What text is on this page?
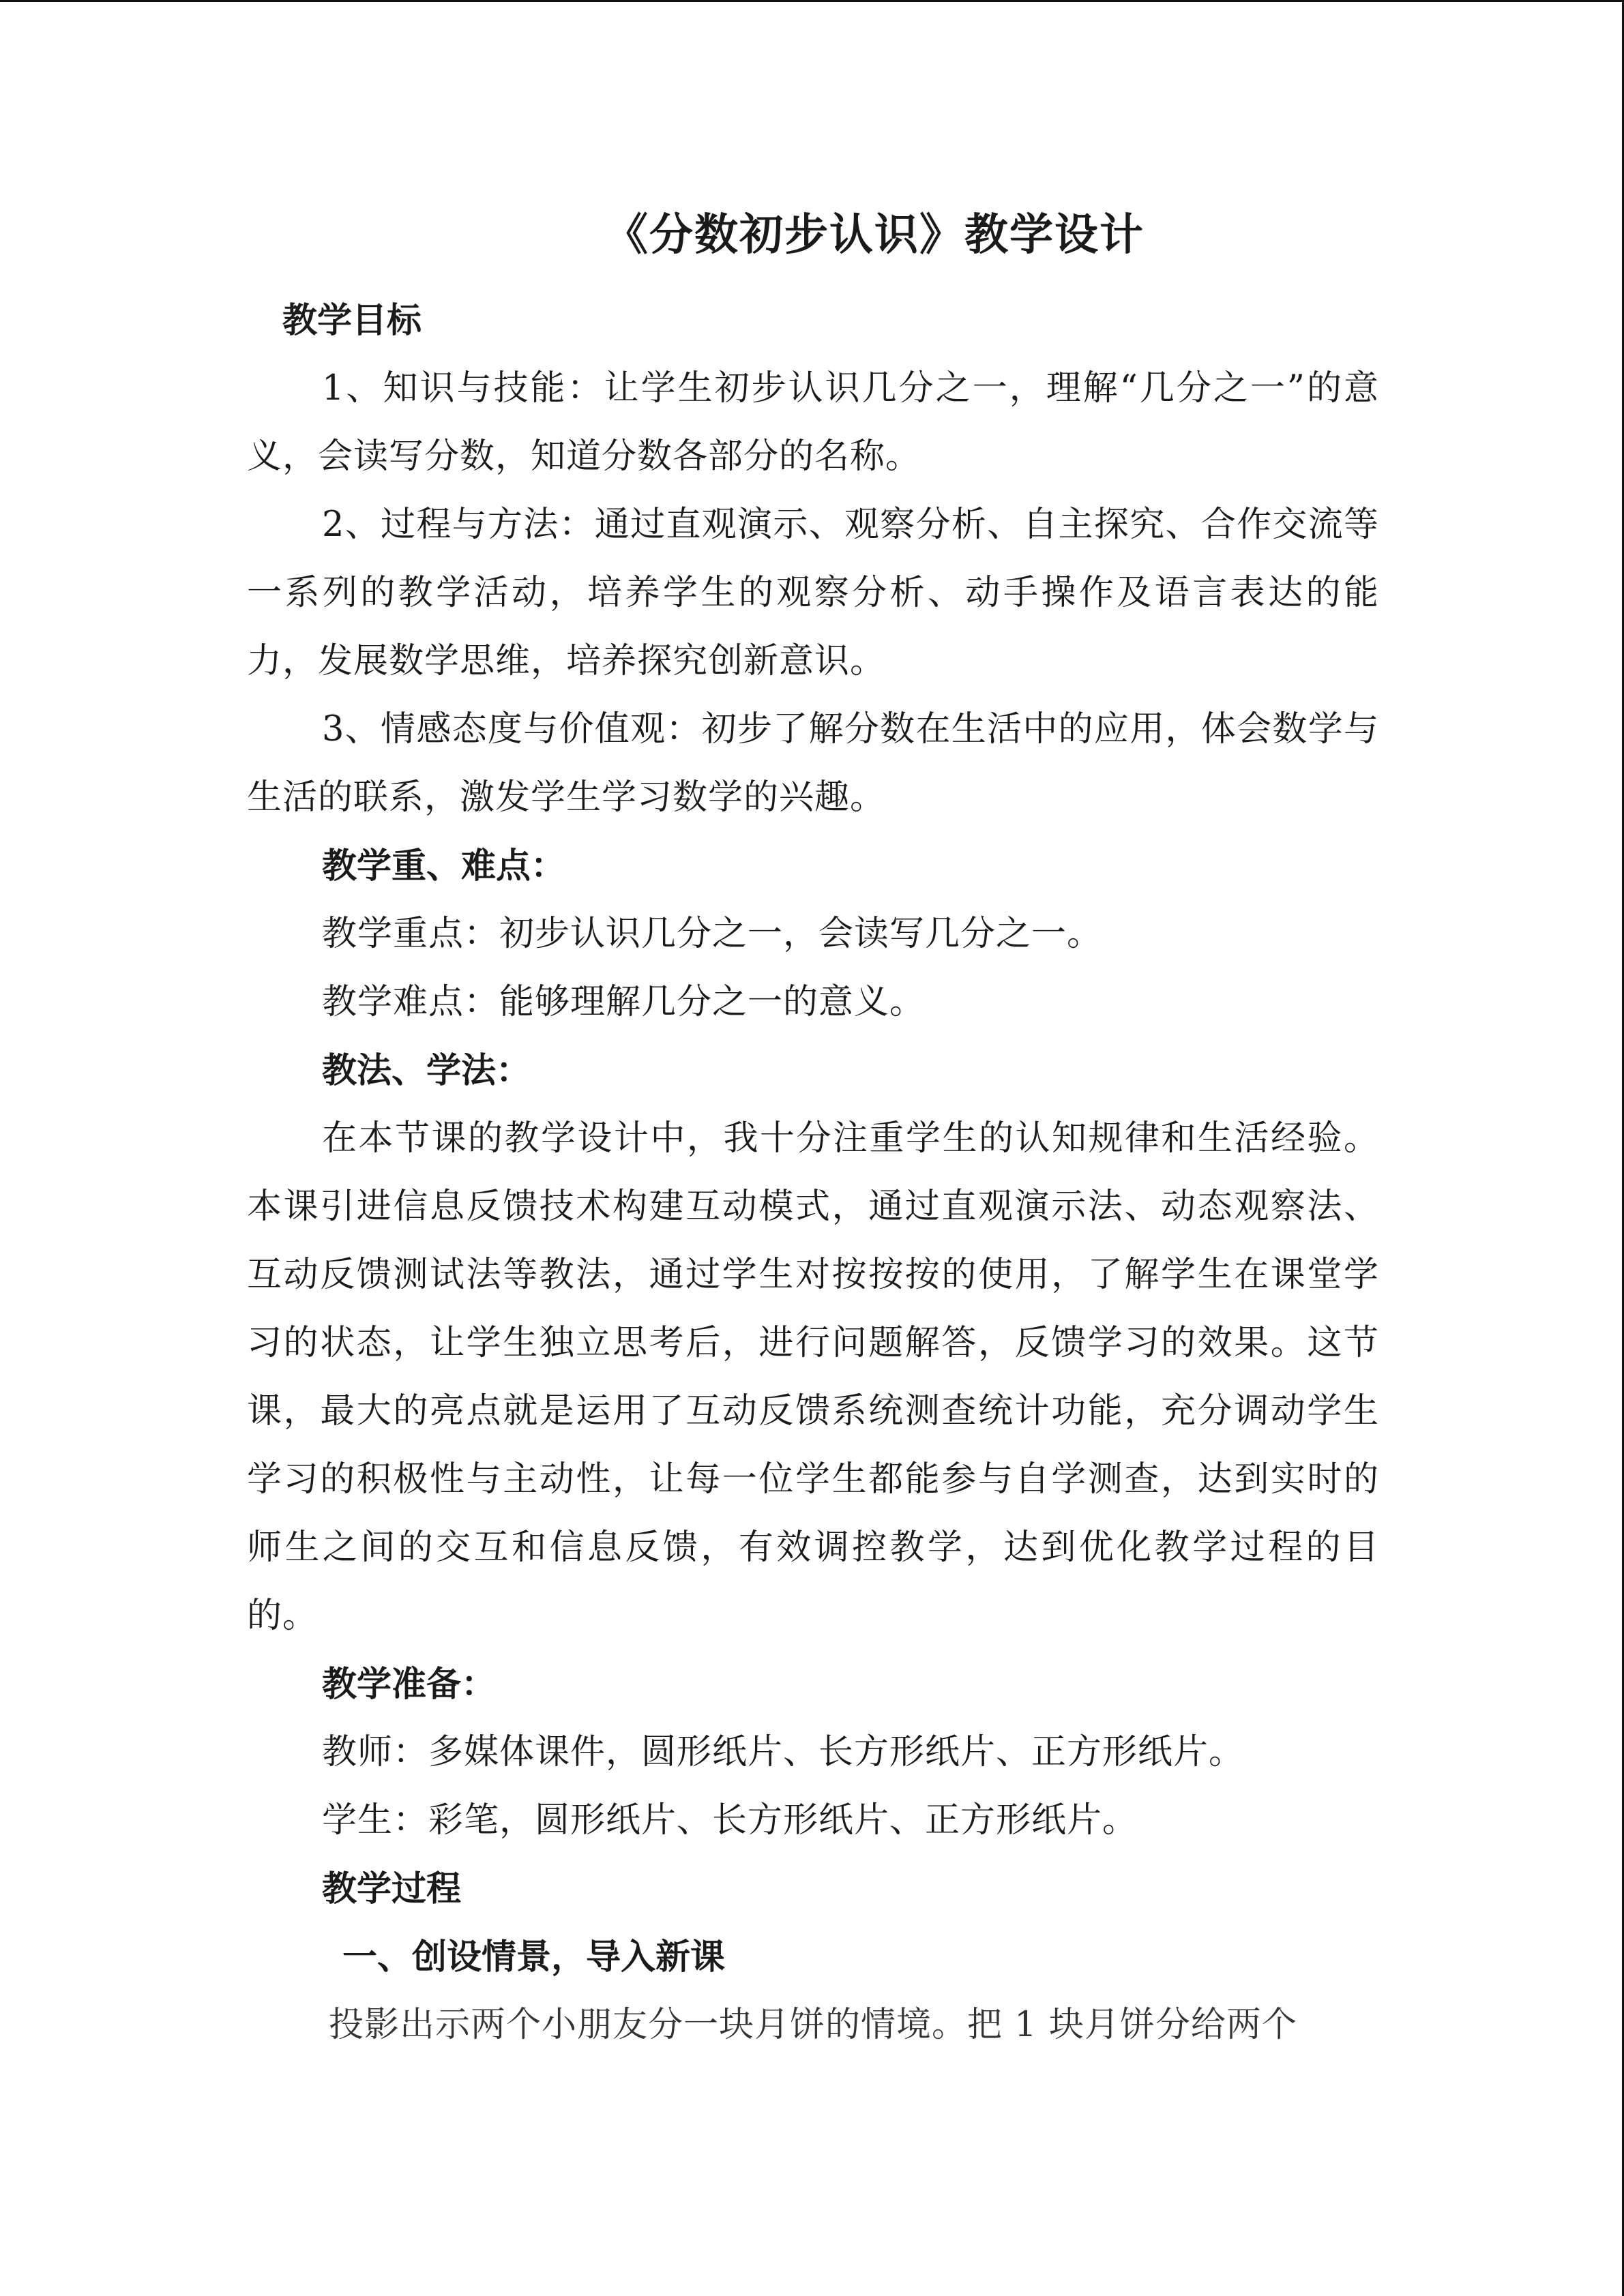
《分数初步认识》教学设计
教学目标

1、知识与技能：让学生初步认识几分之一，理解“几分之一”的意义，会读写分数，知道分数各部分的名称。

2、过程与方法：通过直观演示、观察分析、自主探究、合作交流等一系列的教学活动，培养学生的观察分析、动手操作及语言表达的能力，发展数学思维，培养探究创新意识。

3、情感态度与价值观：初步了解分数在生活中的应用，体会数学与生活的联系，激发学生学习数学的兴趣。

教学重、难点：

教学重点：初步认识几分之一，会读写几分之一。

教学难点：能够理解几分之一的意义。

教法、学法：

在本节课的教学设计中，我十分注重学生的认知规律和生活经验。本课引进信息反馈技术构建互动模式，通过直观演示法、动态观察法、互动反馈测试法等教法，通过学生对按按按的使用，了解学生在课堂学习的状态，让学生独立思考后，进行问题解答，反馈学习的效果。这节课，最大的亮点就是运用了互动反馈系统测查统计功能，充分调动学生学习的积极性与主动性，让每一位学生都能参与自学测查，达到实时的师生之间的交互和信息反馈，有效调控教学，达到优化教学过程的目的。

教学准备：

教师：多媒体课件，圆形纸片、长方形纸片、正方形纸片。

学生：彩笔，圆形纸片、长方形纸片、正方形纸片。

教学过程
一、创设情景，导入新课

投影出示两个小朋友分一块月饼的情境。把 1 块月饼分给两个
